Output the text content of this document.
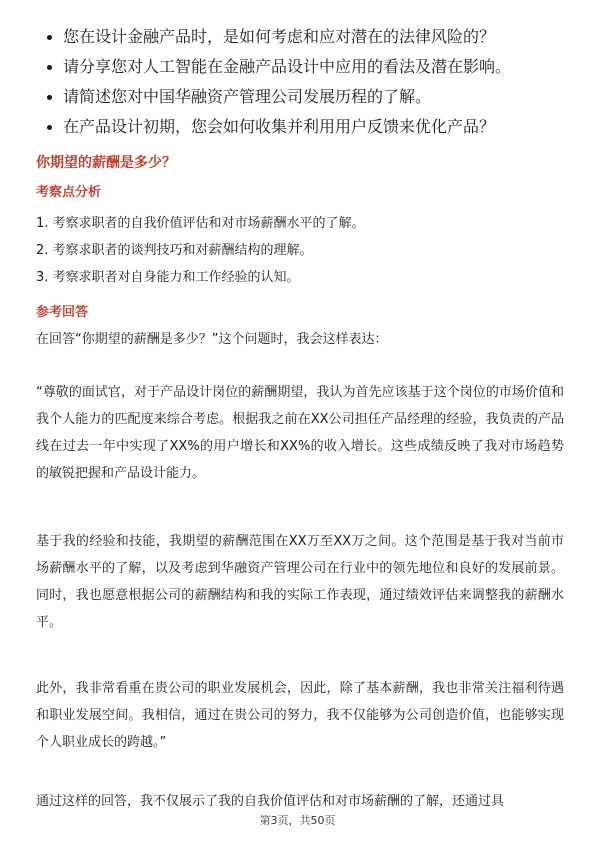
您在设计金融产品时，是如何考虑和应对潜在的法律风险的？
请分享您对人工智能在金融产品设计中应用的看法及潜在影响。
请简述您对中国华融资产管理公司发展历程的了解。
在产品设计初期，您会如何收集并利用用户反馈来优化产品？
你期望的薪酬是多少？
考察点分析
1. 考察求职者的自我价值评估和对市场薪酬水平的了解。
2. 考察求职者的谈判技巧和对薪酬结构的理解。
3. 考察求职者对自身能力和工作经验的认知。
参考回答

在回答“你期望的薪酬是多少？”这个问题时，我会这样表达：

“尊敬的面试官，对于产品设计岗位的薪酬期望，我认为首先应该基于这个岗位的市场价值和我个人能力的匹配度来综合考虑。根据我之前在XX公司担任产品经理的经验，我负责的产品线在过去一年中实现了XX%的用户增长和XX%的收入增长。这些成绩反映了我对市场趋势的敏锐把握和产品设计能力。

基于我的经验和技能，我期望的薪酬范围在XX万至XX万之间。这个范围是基于我对当前市场薪酬水平的了解，以及考虑到华融资产管理公司在行业中的领先地位和良好的发展前景。同时，我也愿意根据公司的薪酬结构和我的实际工作表现，通过绩效评估来调整我的薪酬水平。

此外，我非常看重在贵公司的职业发展机会，因此，除了基本薪酬，我也非常关注福利待遇和职业发展空间。我相信，通过在贵公司的努力，我不仅能够为公司创造价值，也能够实现个人职业成长的跨越。”

通过这样的回答，我不仅展示了我的自我价值评估和对市场薪酬的了解，还通过具

第3页，共50页
